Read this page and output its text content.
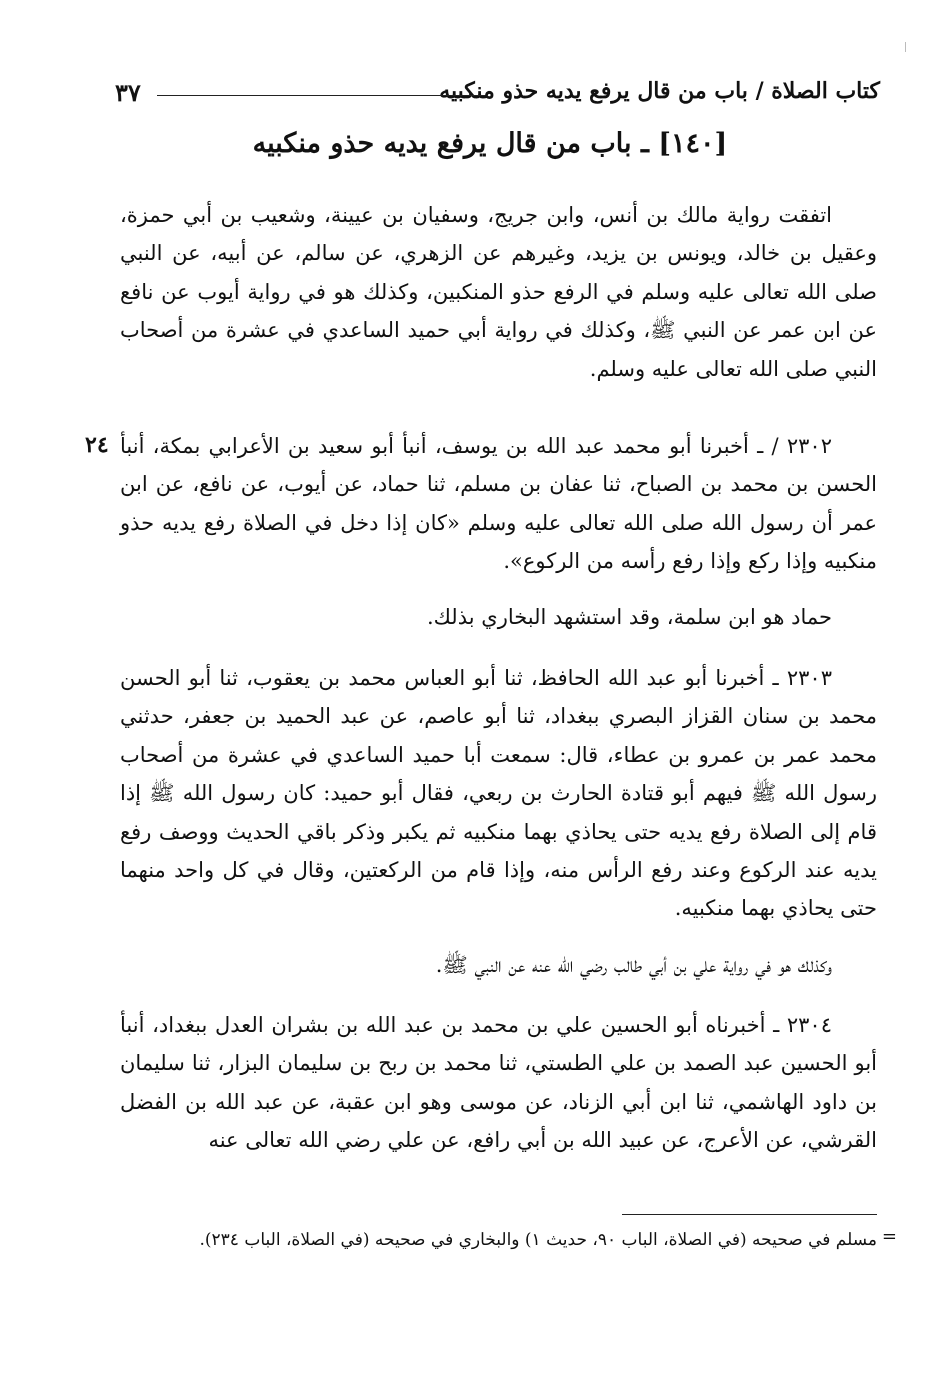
كتاب الصلاة / باب من قال يرفع يديه حذو منكبيه
٣٧
[١٤٠] ـ باب من قال يرفع يديه حذو منكبيه

اتفقت رواية مالك بن أنس، وابن جريج، وسفيان بن عيينة، وشعيب بن أبي حمزة، وعقيل بن خالد، ويونس بن يزيد، وغيرهم عن الزهري، عن سالم، عن أبيه، عن النبي صلى الله تعالى عليه وسلم في الرفع حذو المنكبين، وكذلك هو في رواية أيوب عن نافع عن ابن عمر عن النبي ﷺ، وكذلك في رواية أبي حميد الساعدي في عشرة من أصحاب النبي صلى الله تعالى عليه وسلم.

٢٤ ٢٣٠٢ / ـ أخبرنا أبو محمد عبد الله بن يوسف، أنبأ أبو سعيد بن الأعرابي بمكة، أنبأ الحسن بن محمد بن الصباح، ثنا عفان بن مسلم، ثنا حماد، عن أيوب، عن نافع، عن ابن عمر أن رسول الله صلى الله تعالى عليه وسلم «كان إذا دخل في الصلاة رفع يديه حذو منكبيه وإذا ركع وإذا رفع رأسه من الركوع».

حماد هو ابن سلمة، وقد استشهد البخاري بذلك.

٢٣٠٣ ـ أخبرنا أبو عبد الله الحافظ، ثنا أبو العباس محمد بن يعقوب، ثنا أبو الحسن محمد بن سنان القزاز البصري ببغداد، ثنا أبو عاصم، عن عبد الحميد بن جعفر، حدثني محمد عمر بن عمرو بن عطاء، قال: سمعت أبا حميد الساعدي في عشرة من أصحاب رسول الله ﷺ فيهم أبو قتادة الحارث بن ربعي، فقال أبو حميد: كان رسول الله ﷺ إذا قام إلى الصلاة رفع يديه حتى يحاذي بهما منكبيه ثم يكبر وذكر باقي الحديث ووصف رفع يديه عند الركوع وعند رفع الرأس منه، وإذا قام من الركعتين، وقال في كل واحد منهما حتى يحاذي بهما منكبيه.

وكذلك هو في رواية علي بن أبي طالب رضي الله عنه عن النبي ﷺ.

٢٣٠٤ ـ أخبرناه أبو الحسين علي بن محمد بن عبد الله بن بشران العدل ببغداد، أنبأ أبو الحسين عبد الصمد بن علي الطستي، ثنا محمد بن ربح بن سليمان البزار، ثنا سليمان بن داود الهاشمي، ثنا ابن أبي الزناد، عن موسى وهو ابن عقبة، عن عبد الله بن الفضل القرشي، عن الأعرج، عن عبيد الله بن أبي رافع، عن علي رضي الله تعالى عنه

=

مسلم في صحيحه (في الصلاة، الباب ٩٠، حديث ١) والبخاري في صحيحه (في الصلاة، الباب ٢٣٤).
